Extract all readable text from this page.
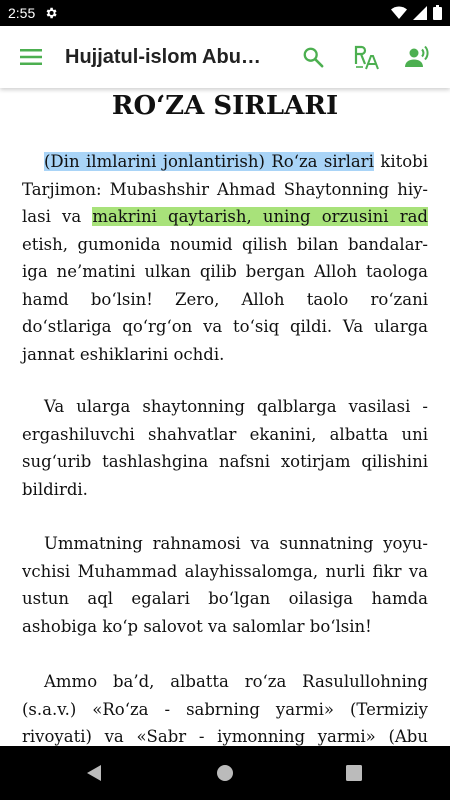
2:55
Hujjatul-islom Abu…
RO‘ZA SIRLARI
(Din ilmlarini jonlantirish) Ro‘za sirlari kitobi
Tarjimon: Mubashshir Ahmad Shaytonning hiy-
lasi va makrini qaytarish, uning orzusini rad
etish, gumonida noumid qilish bilan bandalar-
iga ne’matini ulkan qilib bergan Alloh taologa
hamd bo‘lsin! Zero, Alloh taolo ro‘zani
do‘stlariga qo‘rg‘on va to‘siq qildi. Va ularga
jannat eshiklarini ochdi.
Va ularga shaytonning qalblarga vasilasi -
ergashiluvchi shahvatlar ekanini, albatta uni
sug‘urib tashlashgina nafsni xotirjam qilishini
bildirdi.
Ummatning rahnamosi va sunnatning yoyu-
vchisi Muhammad alayhissalomga, nurli fikr va
ustun aql egalari bo‘lgan oilasiga hamda
ashobiga ko‘p salovot va salomlar bo‘lsin!
Ammo ba’d, albatta ro‘za Rasulullohning
(s.a.v.) «Ro‘za - sabrning yarmi» (Termiziy
rivoyati) va «Sabr - iymonning yarmi» (Abu
